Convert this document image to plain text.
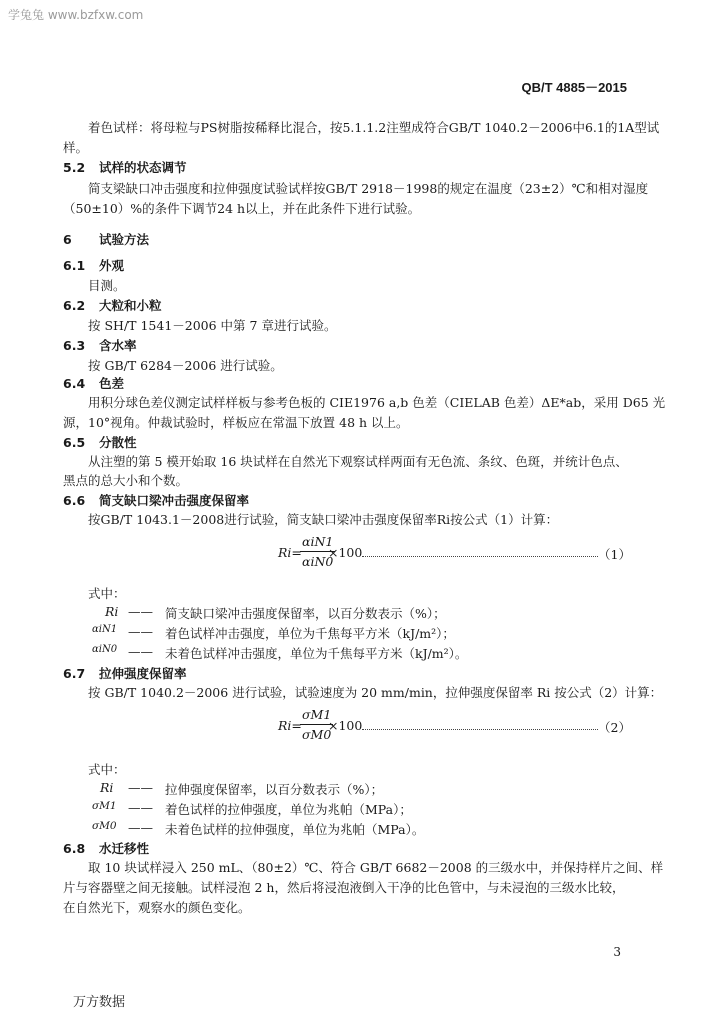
学兔兔 www.bzfxw.com
QB/T 4885－2015
着色试样：将母粒与PS树脂按稀释比混合，按5.1.1.2注塑成符合GB/T 1040.2－2006中6.1的1A型试
样。
5.2 试样的状态调节
简支梁缺口冲击强度和拉伸强度试验试样按GB/T 2918－1998的规定在温度（23±2）℃和相对湿度
（50±10）%的条件下调节24 h以上，并在此条件下进行试验。
6 试验方法
6.1 外观
目测。
6.2 大粒和小粒
按 SH/T 1541－2006 中第 7 章进行试验。
6.3 含水率
按 GB/T 6284－2006 进行试验。
6.4 色差
用积分球色差仪测定试样样板与参考色板的 CIE1976 a,b 色差（CIELAB 色差）ΔE*ab，采用 D65 光
源，10°视角。仲裁试验时，样板应在常温下放置 48 h 以上。
6.5 分散性
从注塑的第 5 模开始取 16 块试样在自然光下观察试样两面有无色流、条纹、色斑，并统计色点、
黑点的总大小和个数。
6.6 简支缺口梁冲击强度保留率
按GB/T 1043.1－2008进行试验，简支缺口梁冲击强度保留率Ri按公式（1）计算：
Ri=
αiN1
αiN0
×100	（1）
式中：
Ri —— 简支缺口梁冲击强度保留率，以百分数表示（%）；
αiN1 —— 着色试样冲击强度，单位为千焦每平方米（kJ/m²）；
αiN0 —— 未着色试样冲击强度，单位为千焦每平方米（kJ/m²）。
6.7 拉伸强度保留率
按 GB/T 1040.2－2006 进行试验，试验速度为 20 mm/min，拉伸强度保留率 Ri 按公式（2）计算：
Ri=
$\frac{\sigma M1}{\sigma M0}$
×100	（2）
式中：
Ri —— 拉伸强度保留率，以百分数表示（%）；
σM1 —— 着色试样的拉伸强度，单位为兆帕（MPa）；
σM0 —— 未着色试样的拉伸强度，单位为兆帕（MPa）。
6.8 水迁移性
取 10 块试样浸入 250 mL、（80±2）℃、符合 GB/T 6682－2008 的三级水中，并保持样片之间、样
片与容器壁之间无接触。试样浸泡 2 h，然后将浸泡液倒入干净的比色管中，与未浸泡的三级水比较，
在自然光下，观察水的颜色变化。
3
万方数据
